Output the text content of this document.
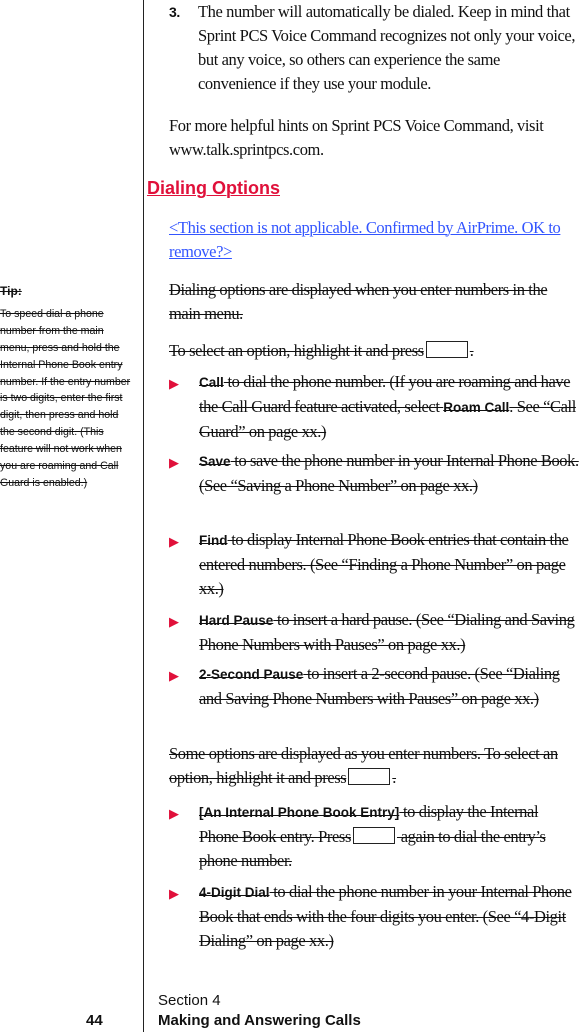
Tip:
To speed dial a phone number from the main menu, press and hold the Internal Phone Book entry number. If the entry number is two digits, enter the first digit, then press and hold the second digit. (This feature will not work when you are roaming and Call Guard is enabled.)
3.	The number will automatically be dialed. Keep in mind that Sprint PCS Voice Command recognizes not only your voice, but any voice, so others can experience the same convenience if they use your module.
For more helpful hints on Sprint PCS Voice Command, visit www.talk.sprintpcs.com.
Dialing Options
<This section is not applicable. Confirmed by AirPrime. OK to remove?>
Dialing options are displayed when you enter numbers in the main menu.
To select an option, highlight it and press	.
▶	Call to dial the phone number. (If you are roaming and have the Call Guard feature activated, select Roam Call. See “Call Guard” on page xx.)
▶	Save to save the phone number in your Internal Phone Book. (See “Saving a Phone Number” on page xx.)
▶	Find to display Internal Phone Book entries that contain the entered numbers. (See “Finding a Phone Number” on page xx.)
▶	Hard Pause to insert a hard pause. (See “Dialing and Saving Phone Numbers with Pauses” on page xx.)
▶	2-Second Pause to insert a 2-second pause. (See “Dialing and Saving Phone Numbers with Pauses” on page xx.)
Some options are displayed as you enter numbers. To select an option, highlight it and press	.
▶	[An Internal Phone Book Entry] to display the Internal Phone Book entry. Press	again to dial the entry’s phone number.
▶	4-Digit Dial to dial the phone number in your Internal Phone Book that ends with the four digits you enter. (See “4-Digit Dialing” on page xx.)
Section 4
44	Making and Answering Calls
